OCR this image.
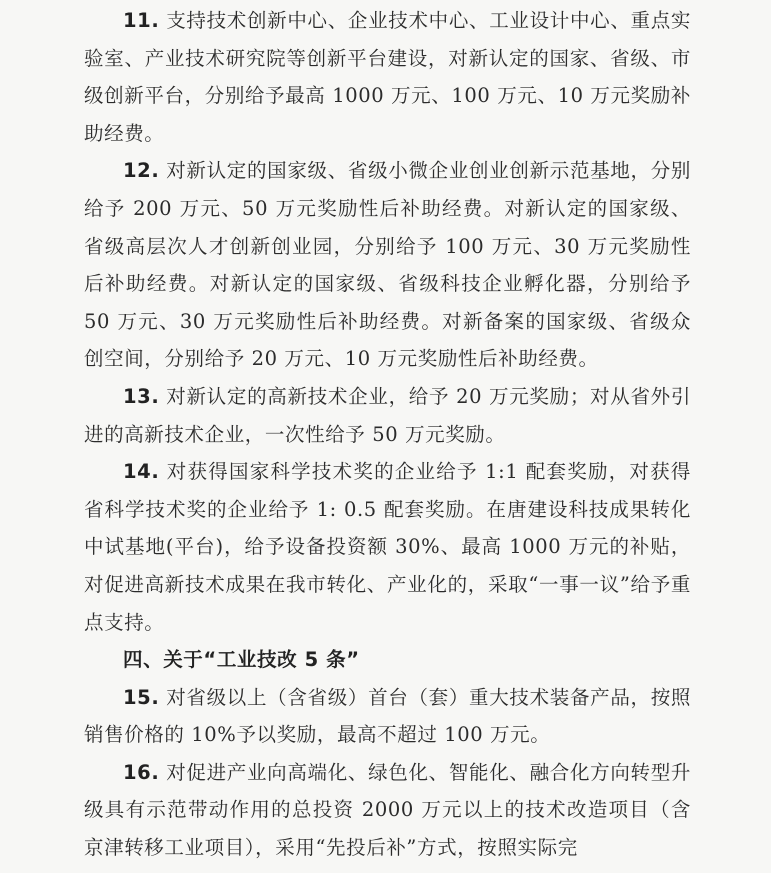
11. 支持技术创新中心、企业技术中心、工业设计中心、重点实验室、产业技术研究院等创新平台建设，对新认定的国家、省级、市级创新平台，分别给予最高 1000 万元、100 万元、10 万元奖励补助经费。

12. 对新认定的国家级、省级小微企业创业创新示范基地，分别给予 200 万元、50 万元奖励性后补助经费。对新认定的国家级、省级高层次人才创新创业园，分别给予 100 万元、30 万元奖励性后补助经费。对新认定的国家级、省级科技企业孵化器，分别给予 50 万元、30 万元奖励性后补助经费。对新备案的国家级、省级众创空间，分别给予 20 万元、10 万元奖励性后补助经费。

13. 对新认定的高新技术企业，给予 20 万元奖励；对从省外引进的高新技术企业，一次性给予 50 万元奖励。

14. 对获得国家科学技术奖的企业给予 1:1 配套奖励，对获得省科学技术奖的企业给予 1: 0.5 配套奖励。在唐建设科技成果转化中试基地(平台)，给予设备投资额 30%、最高 1000 万元的补贴，对促进高新技术成果在我市转化、产业化的，采取“一事一议”给予重点支持。

四、关于“工业技改 5 条”

15. 对省级以上（含省级）首台（套）重大技术装备产品，按照销售价格的 10%予以奖励，最高不超过 100 万元。

16. 对促进产业向高端化、绿色化、智能化、融合化方向转型升级具有示范带动作用的总投资 2000 万元以上的技术改造项目（含京津转移工业项目），采用“先投后补”方式，按照实际完
